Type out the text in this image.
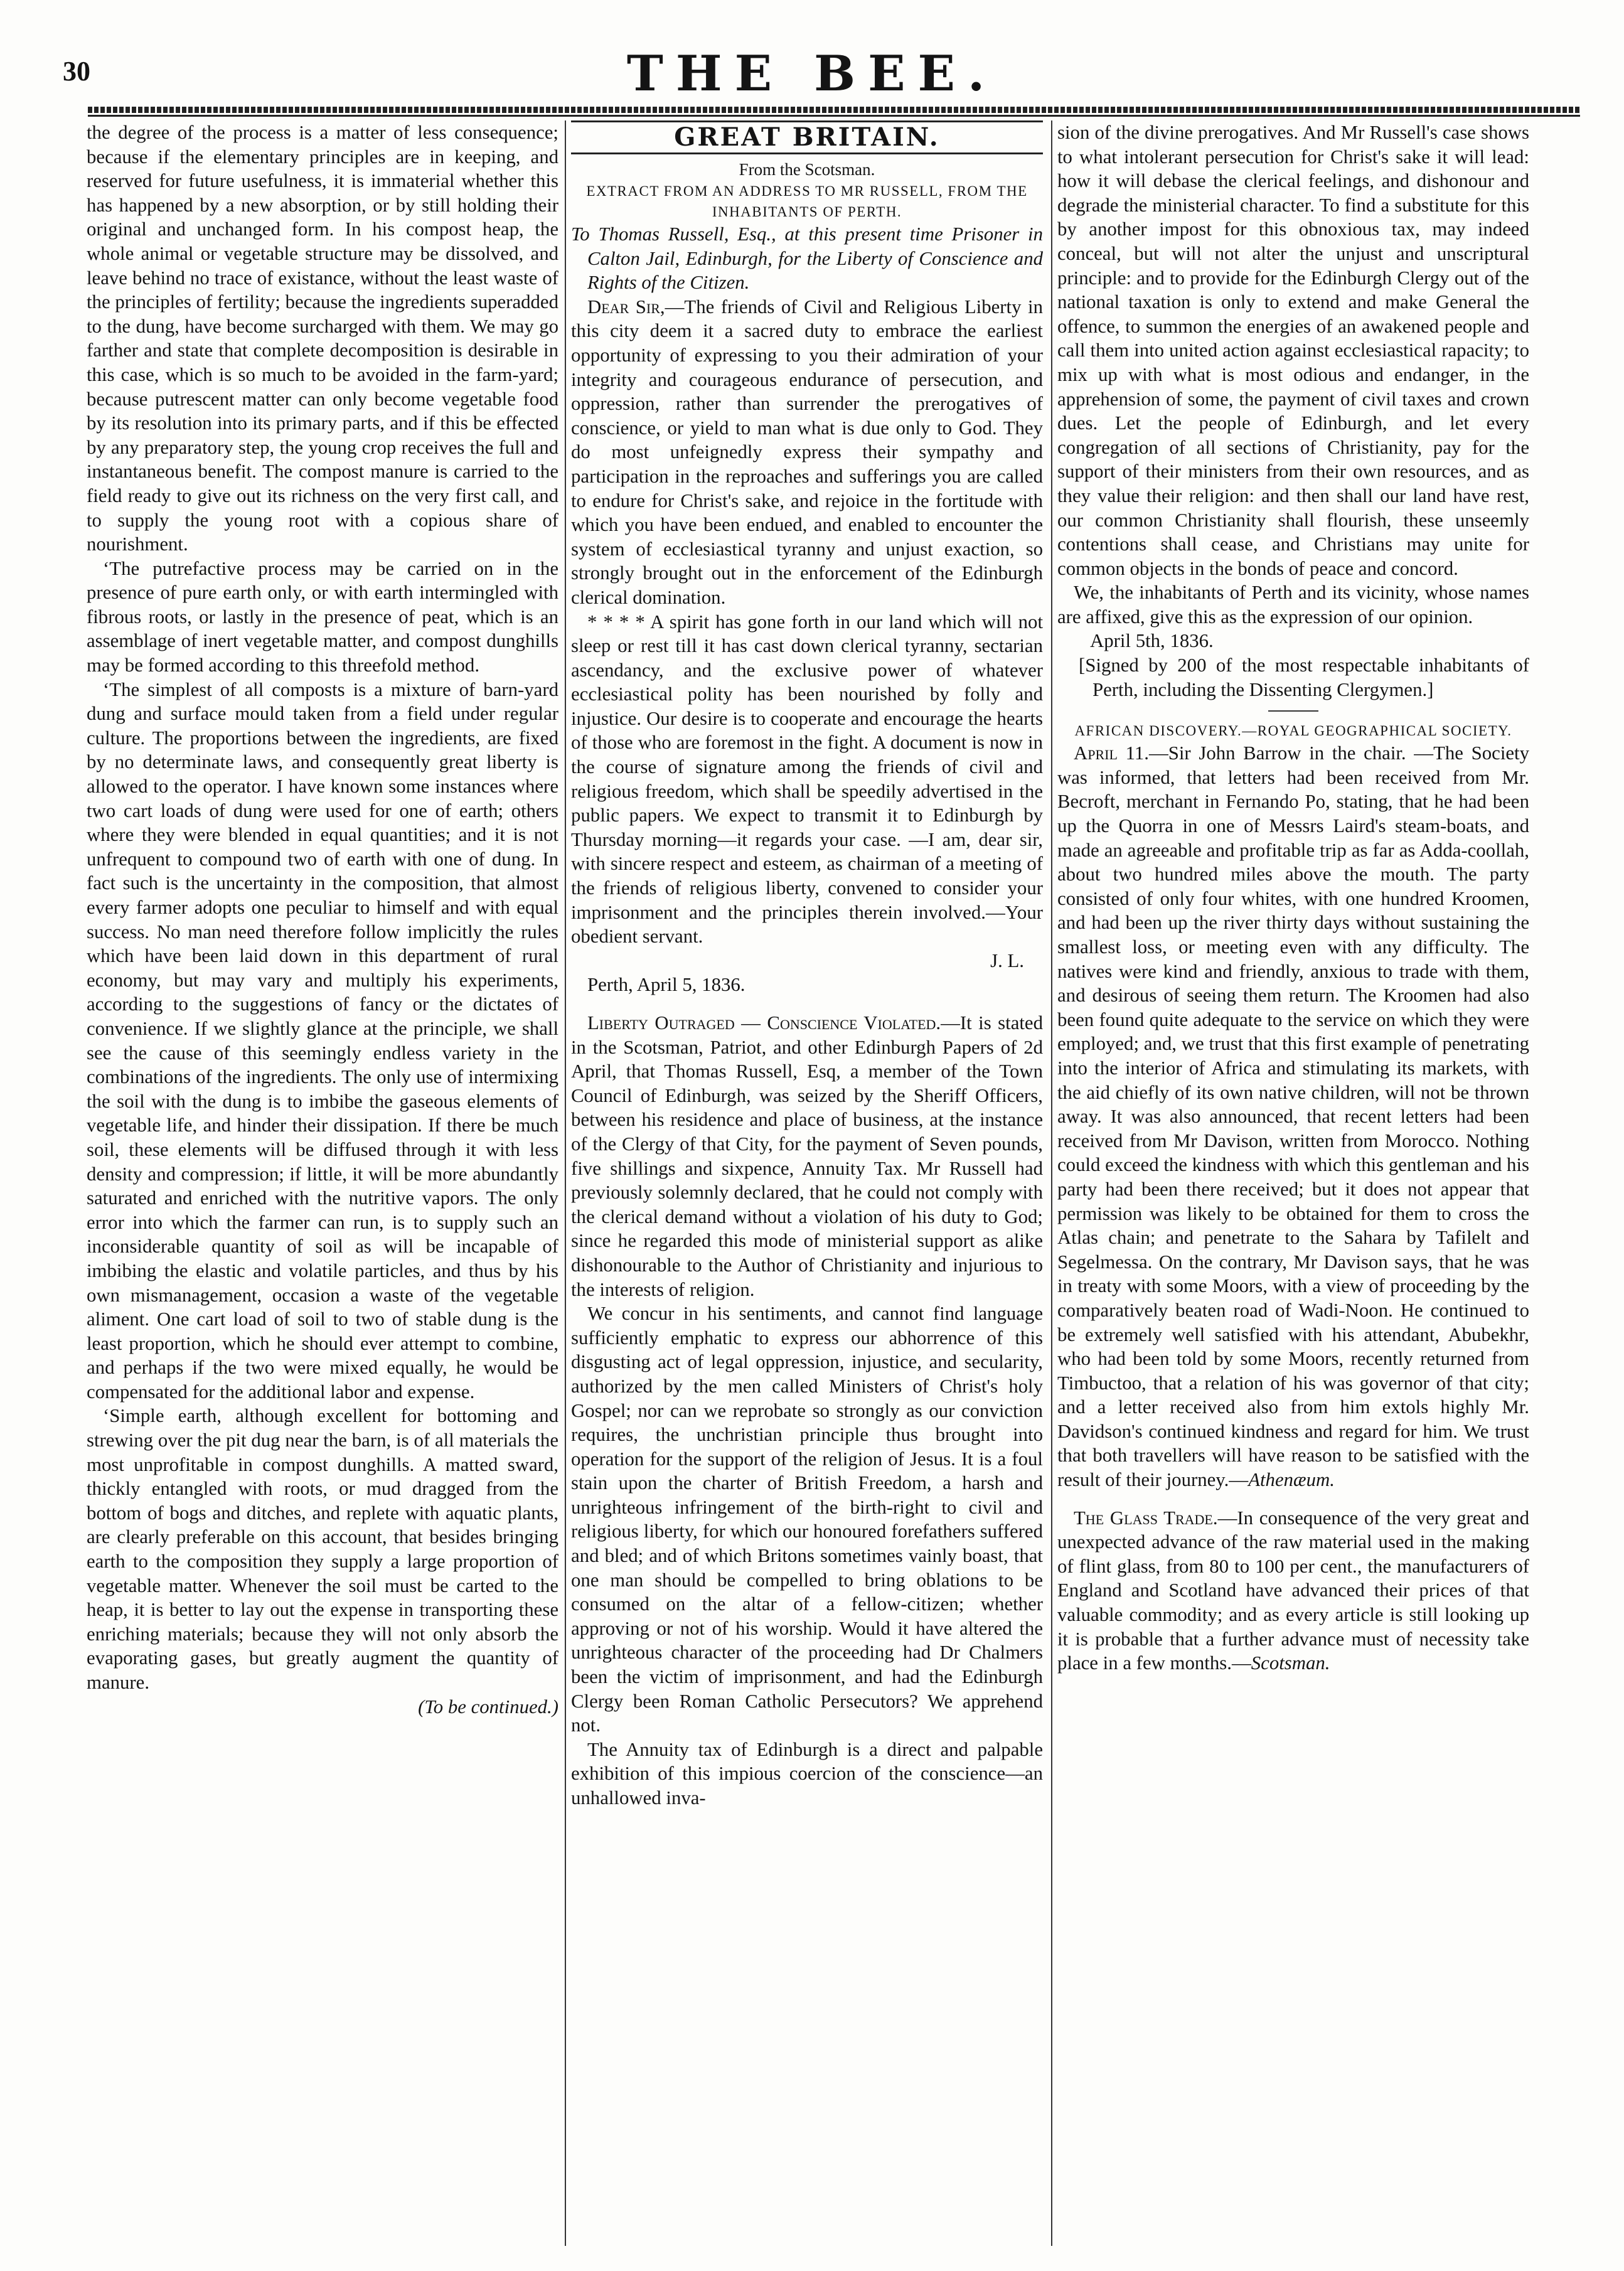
30	THE BEE.

the degree of the process is a matter of less consequence; because if the elementary principles are in keeping, and reserved for future usefulness, it is immaterial whether this has happened by a new absorption, or by still holding their original and unchanged form. In his compost heap, the whole animal or vegetable structure may be dissolved, and leave behind no trace of existance, without the least waste of the principles of fertility; because the ingredients superadded to the dung, have become surcharged with them. We may go farther and state that complete decomposition is desirable in this case, which is so much to be avoided in the farm-yard; because putrescent matter can only become vegetable food by its resolution into its primary parts, and if this be effected by any preparatory step, the young crop receives the full and instantaneous benefit. The compost manure is carried to the field ready to give out its richness on the very first call, and to supply the young root with a copious share of nourishment.

‘The putrefactive process may be carried on in the presence of pure earth only, or with earth intermingled with fibrous roots, or lastly in the presence of peat, which is an assemblage of inert vegetable matter, and compost dunghills may be formed according to this threefold method.

‘The simplest of all composts is a mixture of barn-yard dung and surface mould taken from a field under regular culture. The proportions between the ingredients, are fixed by no determinate laws, and consequently great liberty is allowed to the operator. I have known some instances where two cart loads of dung were used for one of earth; others where they were blended in equal quantities; and it is not unfrequent to compound two of earth with one of dung. In fact such is the uncertainty in the composition, that almost every farmer adopts one peculiar to himself and with equal success. No man need therefore follow implicitly the rules which have been laid down in this department of rural economy, but may vary and multiply his experiments, according to the suggestions of fancy or the dictates of convenience. If we slightly glance at the principle, we shall see the cause of this seemingly endless variety in the combinations of the ingredients. The only use of intermixing the soil with the dung is to imbibe the gaseous elements of vegetable life, and hinder their dissipation. If there be much soil, these elements will be diffused through it with less density and compression; if little, it will be more abundantly saturated and enriched with the nutritive vapors. The only error into which the farmer can run, is to supply such an inconsiderable quantity of soil as will be incapable of imbibing the elastic and volatile particles, and thus by his own mismanagement, occasion a waste of the vegetable aliment. One cart load of soil to two of stable dung is the least proportion, which he should ever attempt to combine, and perhaps if the two were mixed equally, he would be compensated for the additional labor and expense.

‘Simple earth, although excellent for bottoming and strewing over the pit dug near the barn, is of all materials the most unprofitable in compost dunghills. A matted sward, thickly entangled with roots, or mud dragged from the bottom of bogs and ditches, and replete with aquatic plants, are clearly preferable on this account, that besides bringing earth to the composition they supply a large proportion of vegetable matter. Whenever the soil must be carted to the heap, it is better to lay out the expense in transporting these enriching materials; because they will not only absorb the evaporating gases, but greatly augment the quantity of manure.

(To be continued.)

GREAT BRITAIN.

From the Scotsman.

EXTRACT FROM AN ADDRESS TO MR RUSSELL, FROM THE INHABITANTS OF PERTH.

To Thomas Russell, Esq., at this present time Prisoner in Calton Jail, Edinburgh, for the Liberty of Conscience and Rights of the Citizen.

Dear Sir,—The friends of Civil and Religious Liberty in this city deem it a sacred duty to embrace the earliest opportunity of expressing to you their admiration of your integrity and courageous endurance of persecution, and oppression, rather than surrender the prerogatives of conscience, or yield to man what is due only to God. They do most unfeignedly express their sympathy and participation in the reproaches and sufferings you are called to endure for Christ's sake, and rejoice in the fortitude with which you have been endued, and enabled to encounter the system of ecclesiastical tyranny and unjust exaction, so strongly brought out in the enforcement of the Edinburgh clerical domination.

* * * * A spirit has gone forth in our land which will not sleep or rest till it has cast down clerical tyranny, sectarian ascendancy, and the exclusive power of whatever ecclesiastical polity has been nourished by folly and injustice. Our desire is to cooperate and encourage the hearts of those who are foremost in the fight. A document is now in the course of signature among the friends of civil and religious freedom, which shall be speedily advertised in the public papers. We expect to transmit it to Edinburgh by Thursday morning—it regards your case. —I am, dear sir, with sincere respect and esteem, as chairman of a meeting of the friends of religious liberty, convened to consider your imprisonment and the principles therein involved.—Your obedient servant.

J. L.

Perth, April 5, 1836.

Liberty Outraged — Conscience Violated.—It is stated in the Scotsman, Patriot, and other Edinburgh Papers of 2d April, that Thomas Russell, Esq, a member of the Town Council of Edinburgh, was seized by the Sheriff Officers, between his residence and place of business, at the instance of the Clergy of that City, for the payment of Seven pounds, five shillings and sixpence, Annuity Tax. Mr Russell had previously solemnly declared, that he could not comply with the clerical demand without a violation of his duty to God; since he regarded this mode of ministerial support as alike dishonourable to the Author of Christianity and injurious to the interests of religion.

We concur in his sentiments, and cannot find language sufficiently emphatic to express our abhorrence of this disgusting act of legal oppression, injustice, and secularity, authorized by the men called Ministers of Christ's holy Gospel; nor can we reprobate so strongly as our conviction requires, the unchristian principle thus brought into operation for the support of the religion of Jesus. It is a foul stain upon the charter of British Freedom, a harsh and unrighteous infringement of the birth-right to civil and religious liberty, for which our honoured forefathers suffered and bled; and of which Britons sometimes vainly boast, that one man should be compelled to bring oblations to be consumed on the altar of a fellow-citizen; whether approving or not of his worship. Would it have altered the unrighteous character of the proceeding had Dr Chalmers been the victim of imprisonment, and had the Edinburgh Clergy been Roman Catholic Persecutors? We apprehend not.

The Annuity tax of Edinburgh is a direct and palpable exhibition of this impious coercion of the conscience—an unhallowed inva-

sion of the divine prerogatives. And Mr Russell's case shows to what intolerant persecution for Christ's sake it will lead: how it will debase the clerical feelings, and dishonour and degrade the ministerial character. To find a substitute for this by another impost for this obnoxious tax, may indeed conceal, but will not alter the unjust and unscriptural principle: and to provide for the Edinburgh Clergy out of the national taxation is only to extend and make General the offence, to summon the energies of an awakened people and call them into united action against ecclesiastical rapacity; to mix up with what is most odious and endanger, in the apprehension of some, the payment of civil taxes and crown dues. Let the people of Edinburgh, and let every congregation of all sections of Christianity, pay for the support of their ministers from their own resources, and as they value their religion: and then shall our land have rest, our common Christianity shall flourish, these unseemly contentions shall cease, and Christians may unite for common objects in the bonds of peace and concord.

We, the inhabitants of Perth and its vicinity, whose names are affixed, give this as the expression of our opinion.

April 5th, 1836.

[Signed by 200 of the most respectable inhabitants of Perth, including the Dissenting Clergymen.]

AFRICAN DISCOVERY.—ROYAL GEOGRAPHICAL SOCIETY.

April 11.—Sir John Barrow in the chair. —The Society was informed, that letters had been received from Mr. Becroft, merchant in Fernando Po, stating, that he had been up the Quorra in one of Messrs Laird's steam-boats, and made an agreeable and profitable trip as far as Adda-coollah, about two hundred miles above the mouth. The party consisted of only four whites, with one hundred Kroomen, and had been up the river thirty days without sustaining the smallest loss, or meeting even with any difficulty. The natives were kind and friendly, anxious to trade with them, and desirous of seeing them return. The Kroomen had also been found quite adequate to the service on which they were employed; and, we trust that this first example of penetrating into the interior of Africa and stimulating its markets, with the aid chiefly of its own native children, will not be thrown away. It was also announced, that recent letters had been received from Mr Davison, written from Morocco. Nothing could exceed the kindness with which this gentleman and his party had been there received; but it does not appear that permission was likely to be obtained for them to cross the Atlas chain; and penetrate to the Sahara by Tafilelt and Segelmessa. On the contrary, Mr Davison says, that he was in treaty with some Moors, with a view of proceeding by the comparatively beaten road of Wadi-Noon. He continued to be extremely well satisfied with his attendant, Abubekhr, who had been told by some Moors, recently returned from Timbuctoo, that a relation of his was governor of that city; and a letter received also from him extols highly Mr. Davidson's continued kindness and regard for him. We trust that both travellers will have reason to be satisfied with the result of their journey.—Athenæum.

The Glass Trade.—In consequence of the very great and unexpected advance of the raw material used in the making of flint glass, from 80 to 100 per cent., the manufacturers of England and Scotland have advanced their prices of that valuable commodity; and as every article is still looking up it is probable that a further advance must of necessity take place in a few months.—Scotsman.
